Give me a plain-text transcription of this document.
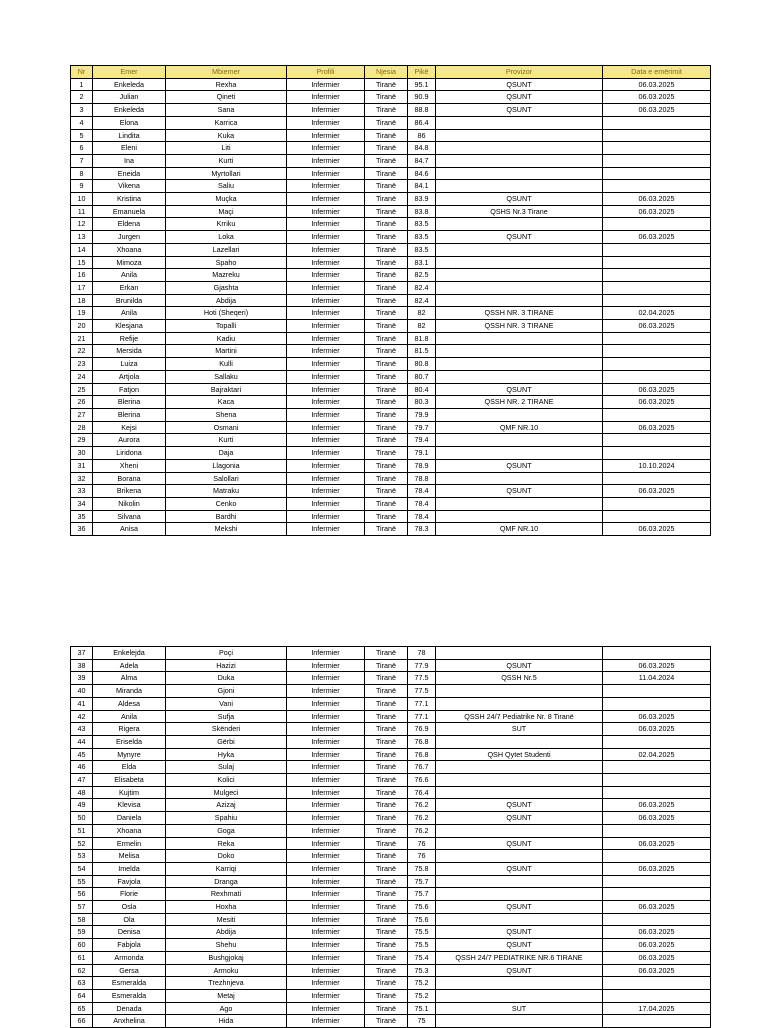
Nr	Emer	Mbiemer	Profili	Njesia	Pikë	Provizor	Data e emërimit
1	Enkeleda	Rexha	Infermier	Tiranë	95.1	QSUNT	06.03.2025
2	Julian	Qineti	Infermier	Tiranë	90.9	QSUNT	06.03.2025
3	Enkeleda	Sana	Infermier	Tiranë	88.8	QSUNT	06.03.2025
4	Elona	Karrica	Infermier	Tiranë	86.4		
5	Lindita	Kuka	Infermier	Tiranë	86		
6	Eleni	Liti	Infermier	Tiranë	84.8		
7	Ina	Kurti	Infermier	Tiranë	84.7		
8	Eneida	Myrtollari	Infermier	Tiranë	84.6		
9	Vikena	Saliu	Infermier	Tiranë	84.1		
10	Kristina	Muçka	Infermier	Tiranë	83.9	QSUNT	06.03.2025
11	Emanuela	Maçi	Infermier	Tiranë	83.8	QSHS Nr.3 Tirane	06.03.2025
12	Eldena	Krriku	Infermier	Tiranë	83.5		
13	Jurgen	Loka	Infermier	Tiranë	83.5	QSUNT	06.03.2025
14	Xhoana	Lazellari	Infermier	Tiranë	83.5		
15	Mimoza	Spaho	Infermier	Tiranë	83.1		
16	Anila	Mazreku	Infermier	Tiranë	82.5		
17	Erkan	Gjashta	Infermier	Tiranë	82.4		
18	Brunilda	Abdija	Infermier	Tiranë	82.4		
19	Anila	Hoti (Sheqeri)	Infermier	Tiranë	82	QSSH NR. 3 TIRANE	02.04.2025
20	Klesjana	Topalli	Infermier	Tiranë	82	QSSH NR. 3 TIRANE	06.03.2025
21	Refije	Kadiu	Infermier	Tiranë	81.8		
22	Mersida	Martini	Infermier	Tiranë	81.5		
23	Luiza	Kulli	Infermier	Tiranë	80.8		
24	Artjola	Sallaku	Infermier	Tiranë	80.7		
25	Fatjon	Bajraktari	Infermier	Tiranë	80.4	QSUNT	06.03.2025
26	Blerina	Kaca	Infermier	Tiranë	80.3	QSSH NR. 2 TIRANE	06.03.2025
27	Blerina	Shena	Infermier	Tiranë	79.9		
28	Kejsi	Osmani	Infermier	Tiranë	79.7	QMF NR.10	06.03.2025
29	Aurora	Kurti	Infermier	Tiranë	79.4		
30	Liridona	Daja	Infermier	Tiranë	79.1		
31	Xheni	Llagonia	Infermier	Tiranë	78.9	QSUNT	10.10.2024
32	Borana	Salollari	Infermier	Tiranë	78.8		
33	Brikena	Matraku	Infermier	Tiranë	78.4	QSUNT	06.03.2025
34	Nikolin	Cenko	Infermier	Tiranë	78.4		
35	Silvana	Bardhi	Infermier	Tiranë	78.4		
36	Anisa	Mekshi	Infermier	Tiranë	78.3	QMF NR.10	06.03.2025
37	Enkelejda	Poçi	Infermier	Tiranë	78		
38	Adela	Hazizi	Infermier	Tiranë	77.9	QSUNT	06.03.2025
39	Alma	Duka	Infermier	Tiranë	77.5	QSSH Nr.5	11.04.2024
40	Miranda	Gjoni	Infermier	Tiranë	77.5		
41	Aldesa	Vani	Infermier	Tiranë	77.1		
42	Anila	Sufja	Infermier	Tiranë	77.1	QSSH 24/7 Pediatrike Nr. 8 Tiranë	06.03.2025
43	Rigera	Skënderi	Infermier	Tiranë	76.9	SUT	06.03.2025
44	Eriselda	Gërbi	Infermier	Tiranë	76.8		
45	Mynyre	Hyka	Infermier	Tiranë	76.8	QSH Qytet Studenti	02.04.2025
46	Elda	Sulaj	Infermier	Tiranë	76.7		
47	Elisabeta	Kolici	Infermier	Tiranë	76.6		
48	Kujtim	Mulgeci	Infermier	Tiranë	76.4		
49	Klevisa	Azizaj	Infermier	Tiranë	76.2	QSUNT	06.03.2025
50	Daniela	Spahiu	Infermier	Tiranë	76.2	QSUNT	06.03.2025
51	Xhoana	Goga	Infermier	Tiranë	76.2		
52	Ermelin	Reka	Infermier	Tiranë	76	QSUNT	06.03.2025
53	Melisa	Doko	Infermier	Tiranë	76		
54	Imelda	Karriqi	Infermier	Tiranë	75.8	QSUNT	06.03.2025
55	Favjola	Dranga	Infermier	Tiranë	75.7		
56	Florie	Rexhmati	Infermier	Tiranë	75.7		
57	Osla	Hoxha	Infermier	Tiranë	75.6	QSUNT	06.03.2025
58	Ola	Mesiti	Infermier	Tiranë	75.6		
59	Denisa	Abdija	Infermier	Tiranë	75.5	QSUNT	06.03.2025
60	Fabjola	Shehu	Infermier	Tiranë	75.5	QSUNT	06.03.2025
61	Armonda	Bushgjokaj	Infermier	Tiranë	75.4	QSSH 24/7 PEDIATRIKE NR.6 TIRANE	06.03.2025
62	Gersa	Armoku	Infermier	Tiranë	75.3	QSUNT	06.03.2025
63	Esmeralda	Trezhnjeva	Infermier	Tiranë	75.2		
64	Esmeralda	Metaj	Infermier	Tiranë	75.2		
65	Denada	Ago	Infermier	Tiranë	75.1	SUT	17.04.2025
66	Anxhelina	Hida	Infermier	Tiranë	75		
